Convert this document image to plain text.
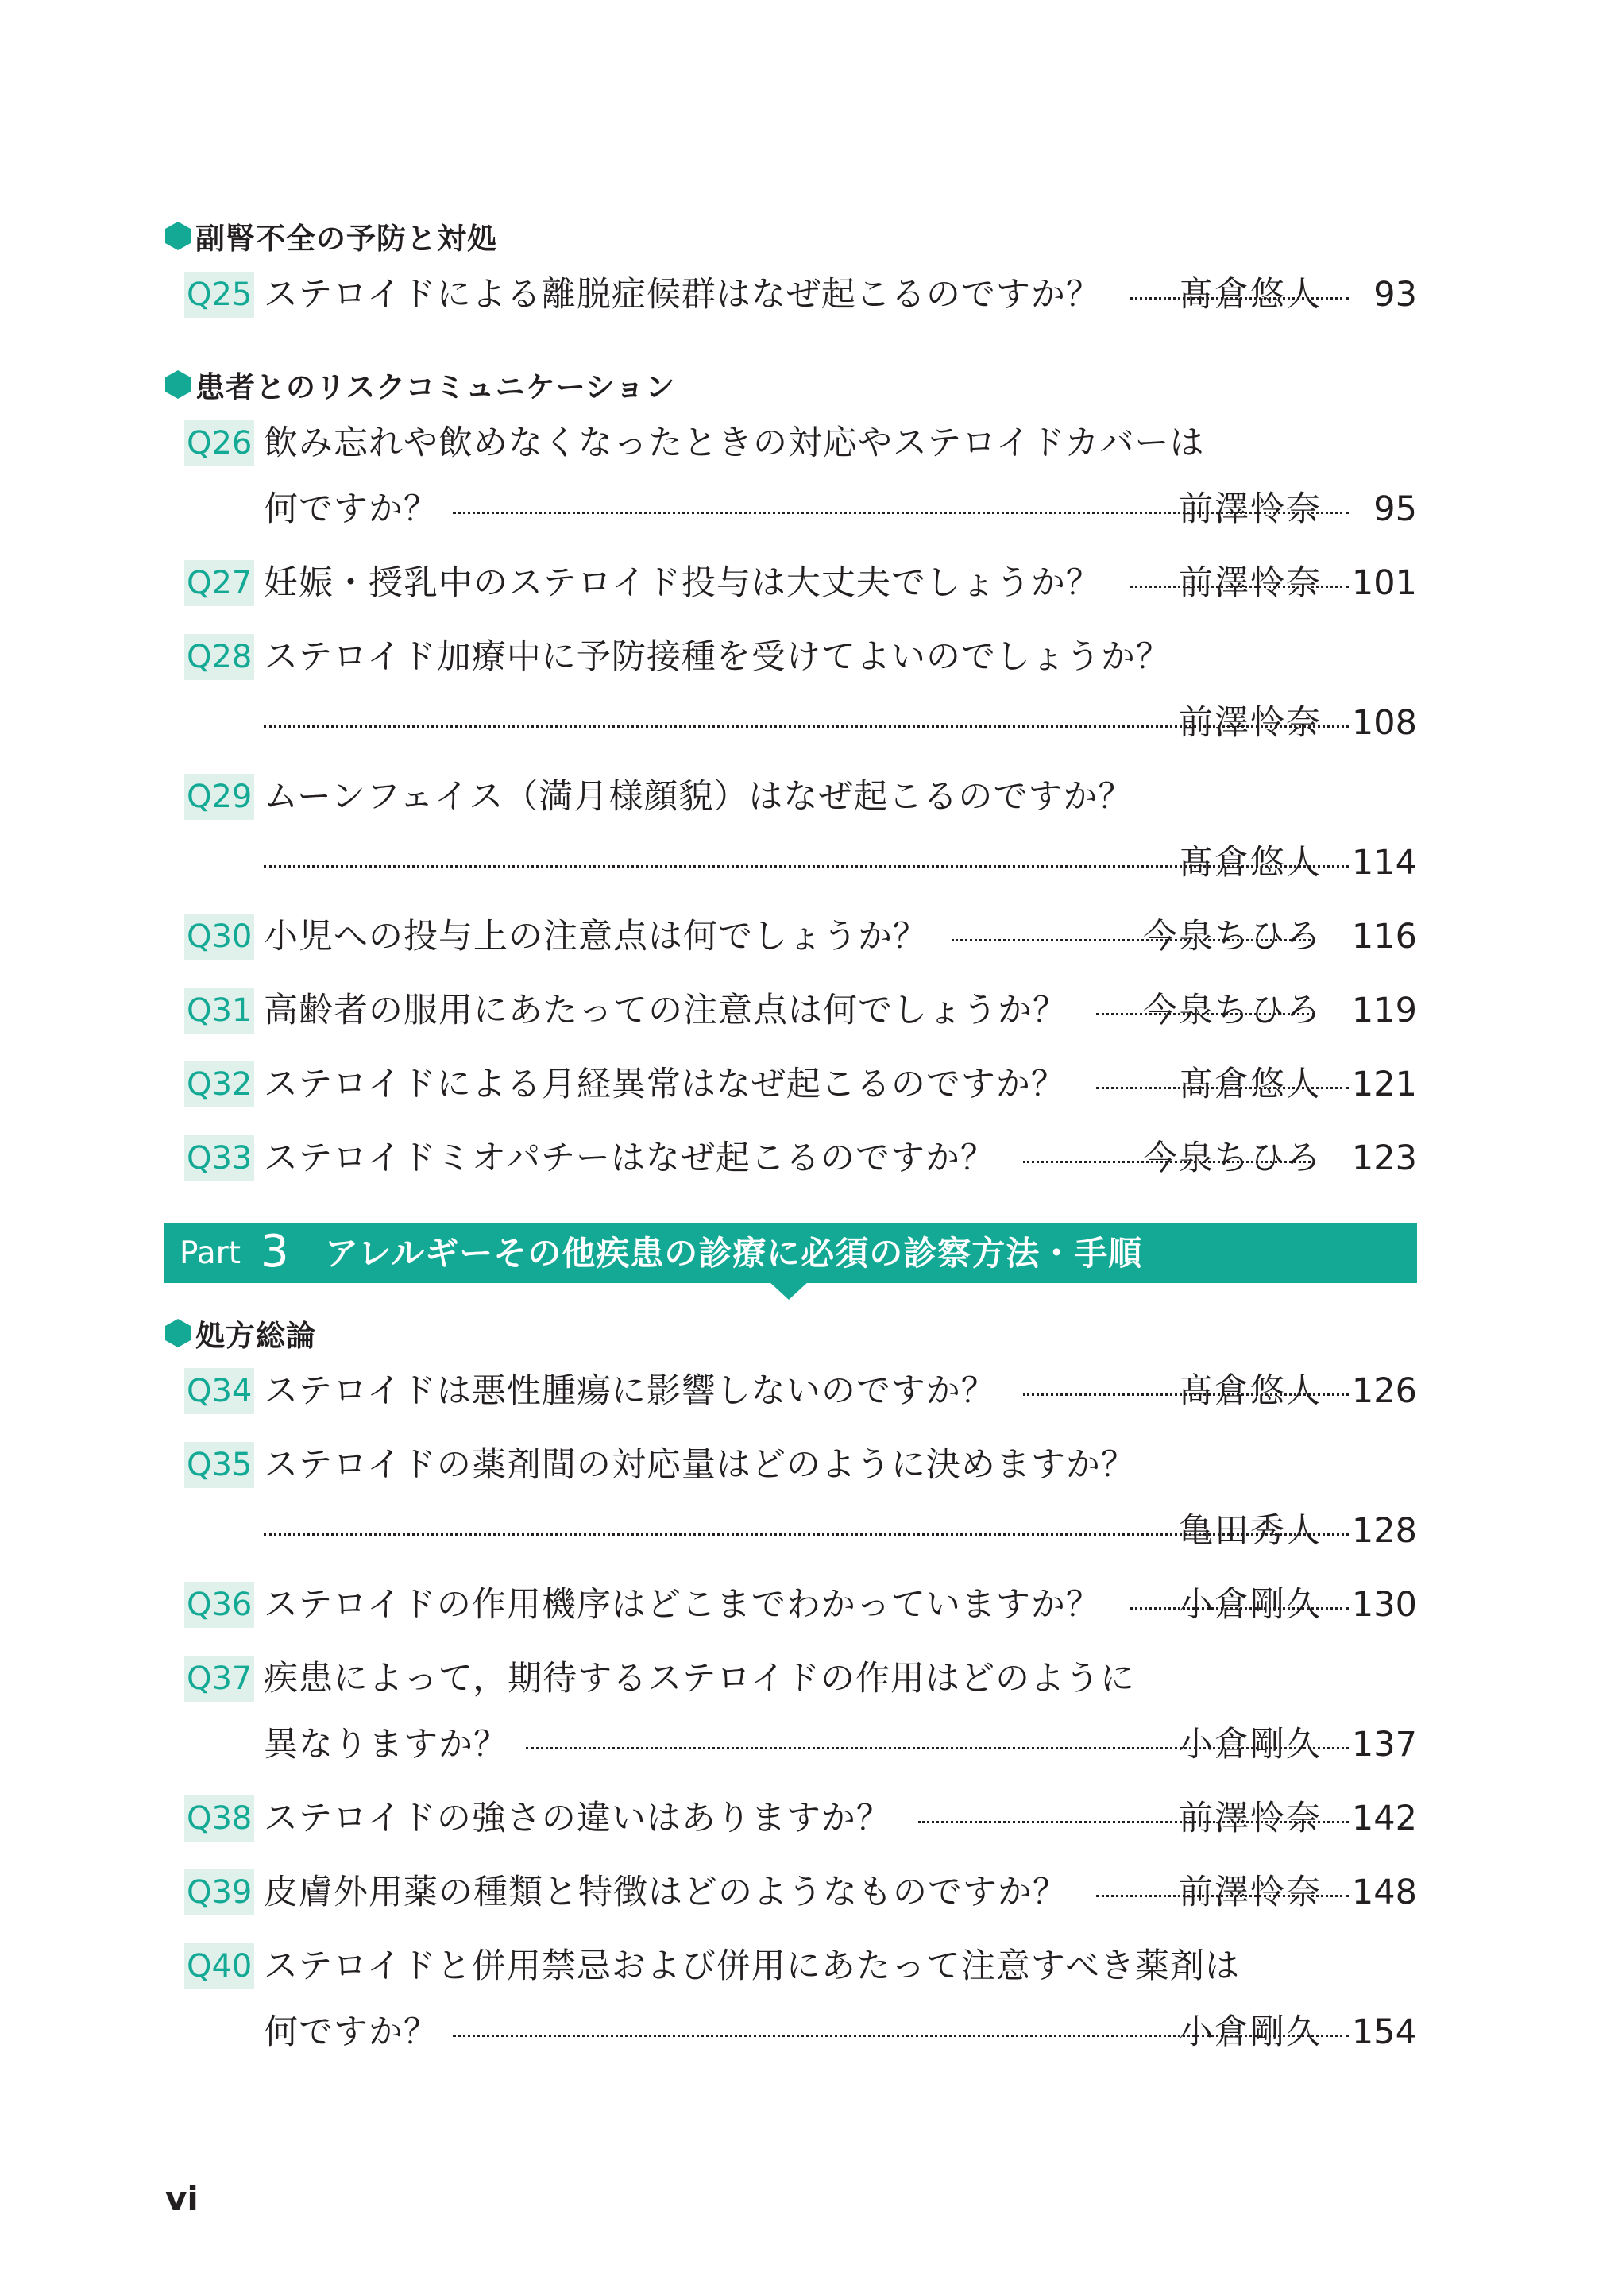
副腎不全の予防と対処
Q25 ステロイドによる離脱症候群はなぜ起こるのですか？ 髙倉悠人 93
患者とのリスクコミュニケーション
Q26 飲み忘れや飲めなくなったときの対応やステロイドカバーは
何ですか？	前澤怜奈 95
Q27 妊娠・授乳中のステロイド投与は大丈夫でしょうか？ 前澤怜奈 101
Q28 ステロイド加療中に予防接種を受けてよいのでしょうか？
前澤怜奈 108
Q29 ムーンフェイス（満月様顔貌）はなぜ起こるのですか？
髙倉悠人 114
Q30 小児への投与上の注意点は何でしょうか？	今泉ちひろ 116
Q31 高齢者の服用にあたっての注意点は何でしょうか？ 今泉ちひろ 119
Q32 ステロイドによる月経異常はなぜ起こるのですか？	髙倉悠人 121
Q33 ステロイドミオパチーはなぜ起こるのですか？	今泉ちひろ 123
Part 3 アレルギーその他疾患の診療に必須の診察方法・手順
処方総論
Q34 ステロイドは悪性腫瘍に影響しないのですか？	髙倉悠人 126
Q35 ステロイドの薬剤間の対応量はどのように決めますか？
亀田秀人 128
Q36 ステロイドの作用機序はどこまでわかっていますか？ 小倉剛久 130
Q37 疾患によって，期待するステロイドの作用はどのように
異なりますか？	小倉剛久 137
Q38 ステロイドの強さの違いはありますか？	前澤怜奈 142
Q39 皮膚外用薬の種類と特徴はどのようなものですか？	前澤怜奈 148
Q40 ステロイドと併用禁忌および併用にあたって注意すべき薬剤は
何ですか？	小倉剛久 154
vi
